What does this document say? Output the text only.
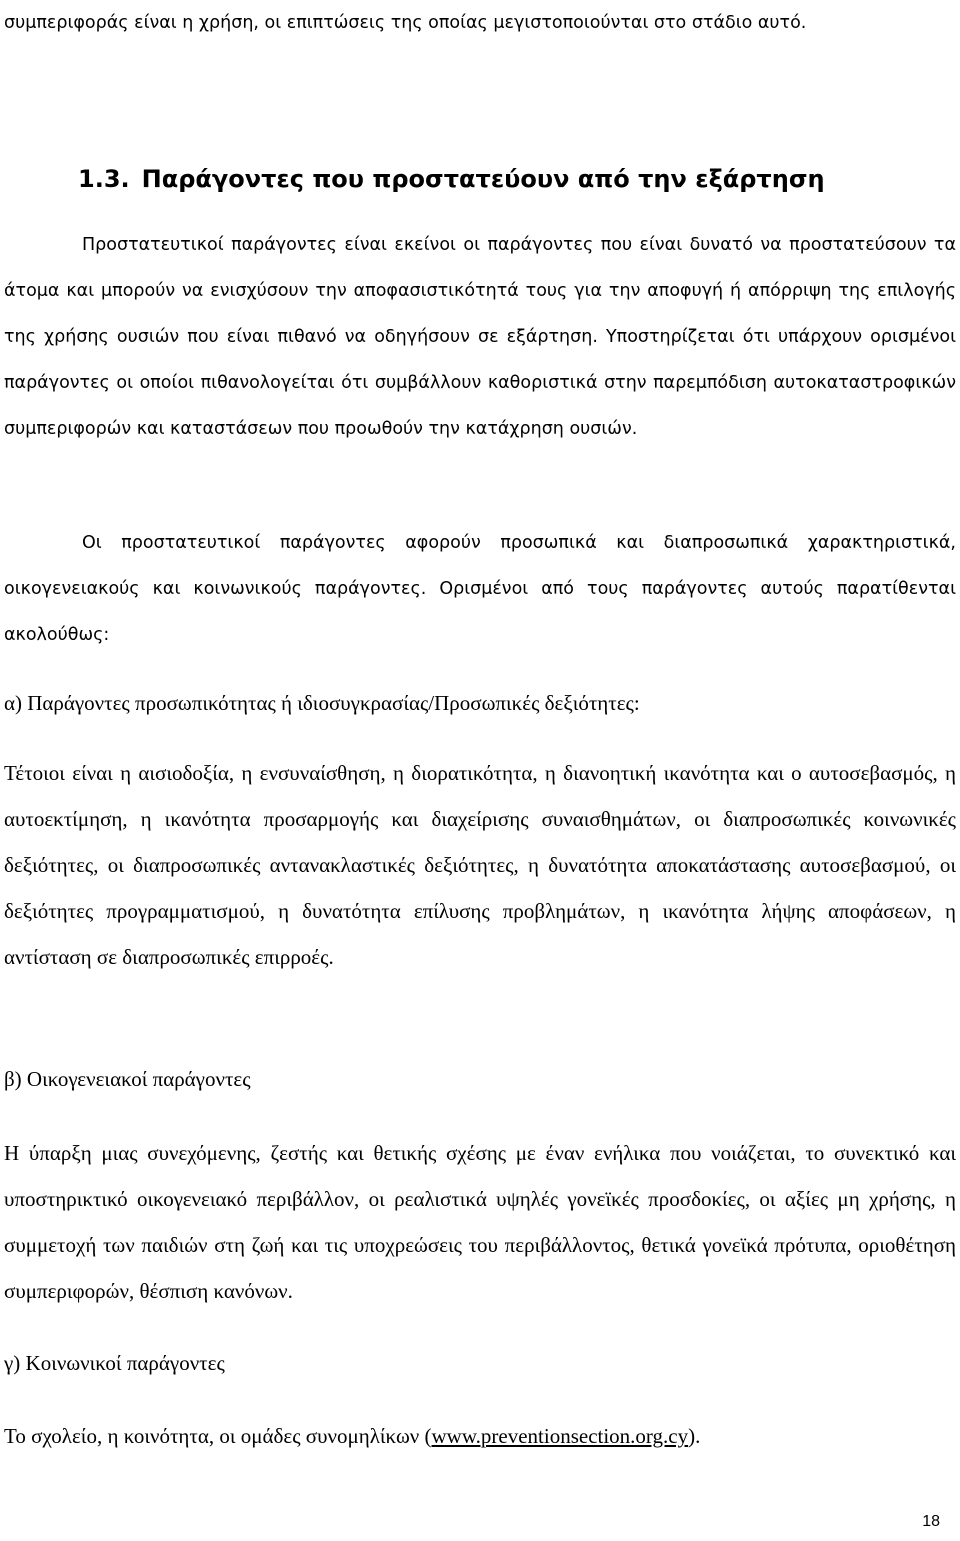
συμπεριφοράς είναι η χρήση, οι επιπτώσεις της οποίας μεγιστοποιούνται στο στάδιο αυτό.

1.3. Παράγοντες που προστατεύουν από την εξάρτηση

Προστατευτικοί παράγοντες είναι εκείνοι οι παράγοντες που είναι δυνατό να προστατεύσουν τα άτομα και μπορούν να ενισχύσουν την αποφασιστικότητά τους για την αποφυγή ή απόρριψη της επιλογής της χρήσης ουσιών που είναι πιθανό να οδηγήσουν σε εξάρτηση. Υποστηρίζεται ότι υπάρχουν ορισμένοι παράγοντες οι οποίοι πιθανολογείται ότι συμβάλλουν καθοριστικά στην παρεμπόδιση αυτοκαταστροφικών συμπεριφορών και καταστάσεων που προωθούν την κατάχρηση ουσιών.

Οι προστατευτικοί παράγοντες αφορούν προσωπικά και διαπροσωπικά χαρακτηριστικά, οικογενειακούς και κοινωνικούς παράγοντες. Ορισμένοι από τους παράγοντες αυτούς παρατίθενται ακολούθως:

α) Παράγοντες προσωπικότητας ή ιδιοσυγκρασίας/Προσωπικές δεξιότητες:

Τέτοιοι είναι η αισιοδοξία, η ενσυναίσθηση, η διορατικότητα, η διανοητική ικανότητα και ο αυτοσεβασμός, η αυτοεκτίμηση, η ικανότητα προσαρμογής και διαχείρισης συναισθημάτων, οι διαπροσωπικές κοινωνικές δεξιότητες, οι διαπροσωπικές αντανακλαστικές δεξιότητες, η δυνατότητα αποκατάστασης αυτοσεβασμού, οι δεξιότητες προγραμματισμού, η δυνατότητα επίλυσης προβλημάτων, η ικανότητα λήψης αποφάσεων, η αντίσταση σε διαπροσωπικές επιρροές.

β) Οικογενειακοί παράγοντες

Η ύπαρξη μιας συνεχόμενης, ζεστής και θετικής σχέσης με έναν ενήλικα που νοιάζεται, το συνεκτικό και υποστηρικτικό οικογενειακό περιβάλλον, οι ρεαλιστικά υψηλές γονεϊκές προσδοκίες, οι αξίες μη χρήσης, η συμμετοχή των παιδιών στη ζωή και τις υποχρεώσεις του περιβάλλοντος, θετικά γονεϊκά πρότυπα, οριοθέτηση συμπεριφορών, θέσπιση κανόνων.

γ) Κοινωνικοί παράγοντες

Το σχολείο, η κοινότητα, οι ομάδες συνομηλίκων (www.preventionsection.org.cy).

18
